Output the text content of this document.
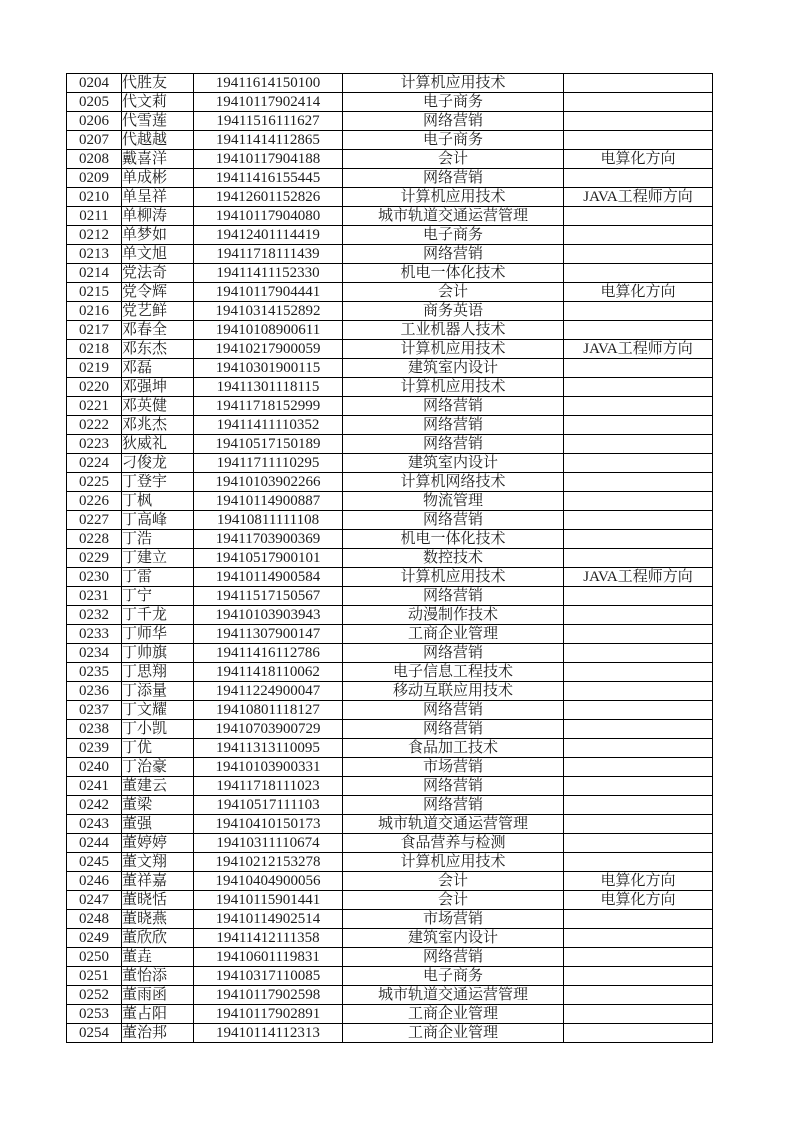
0204	代胜友	19411614150100	计算机应用技术	
0205	代文莉	19410117902414	电子商务	
0206	代雪莲	19411516111627	网络营销	
0207	代越越	19411414112865	电子商务	
0208	戴喜洋	19410117904188	会计	电算化方向
0209	单成彬	19411416155445	网络营销	
0210	单呈祥	19412601152826	计算机应用技术	JAVA工程师方向
0211	单柳涛	19410117904080	城市轨道交通运营管理	
0212	单梦如	19412401114419	电子商务	
0213	单文旭	19411718111439	网络营销	
0214	党法奇	19411411152330	机电一体化技术	
0215	党令辉	19410117904441	会计	电算化方向
0216	党艺鲜	19410314152892	商务英语	
0217	邓春全	19410108900611	工业机器人技术	
0218	邓东杰	19410217900059	计算机应用技术	JAVA工程师方向
0219	邓磊	19410301900115	建筑室内设计	
0220	邓强坤	19411301118115	计算机应用技术	
0221	邓英健	19411718152999	网络营销	
0222	邓兆杰	19411411110352	网络营销	
0223	狄威礼	19410517150189	网络营销	
0224	刁俊龙	19411711110295	建筑室内设计	
0225	丁登宇	19410103902266	计算机网络技术	
0226	丁枫	19410114900887	物流管理	
0227	丁高峰	19410811111108	网络营销	
0228	丁浩	19411703900369	机电一体化技术	
0229	丁建立	19410517900101	数控技术	
0230	丁雷	19410114900584	计算机应用技术	JAVA工程师方向
0231	丁宁	19411517150567	网络营销	
0232	丁千龙	19410103903943	动漫制作技术	
0233	丁师华	19411307900147	工商企业管理	
0234	丁帅旗	19411416112786	网络营销	
0235	丁思翔	19411418110062	电子信息工程技术	
0236	丁添量	19411224900047	移动互联应用技术	
0237	丁文耀	19410801118127	网络营销	
0238	丁小凯	19410703900729	网络营销	
0239	丁优	19411313110095	食品加工技术	
0240	丁治豪	19410103900331	市场营销	
0241	董建云	19411718111023	网络营销	
0242	董梁	19410517111103	网络营销	
0243	董强	19410410150173	城市轨道交通运营管理	
0244	董婷婷	19410311110674	食品营养与检测	
0245	董文翔	19410212153278	计算机应用技术	
0246	董祥嘉	19410404900056	会计	电算化方向
0247	董晓恬	19410115901441	会计	电算化方向
0248	董晓燕	19410114902514	市场营销	
0249	董欣欣	19411412111358	建筑室内设计	
0250	董垚	19410601119831	网络营销	
0251	董怡添	19410317110085	电子商务	
0252	董雨函	19410117902598	城市轨道交通运营管理	
0253	董占阳	19410117902891	工商企业管理	
0254	董治邦	19410114112313	工商企业管理	
